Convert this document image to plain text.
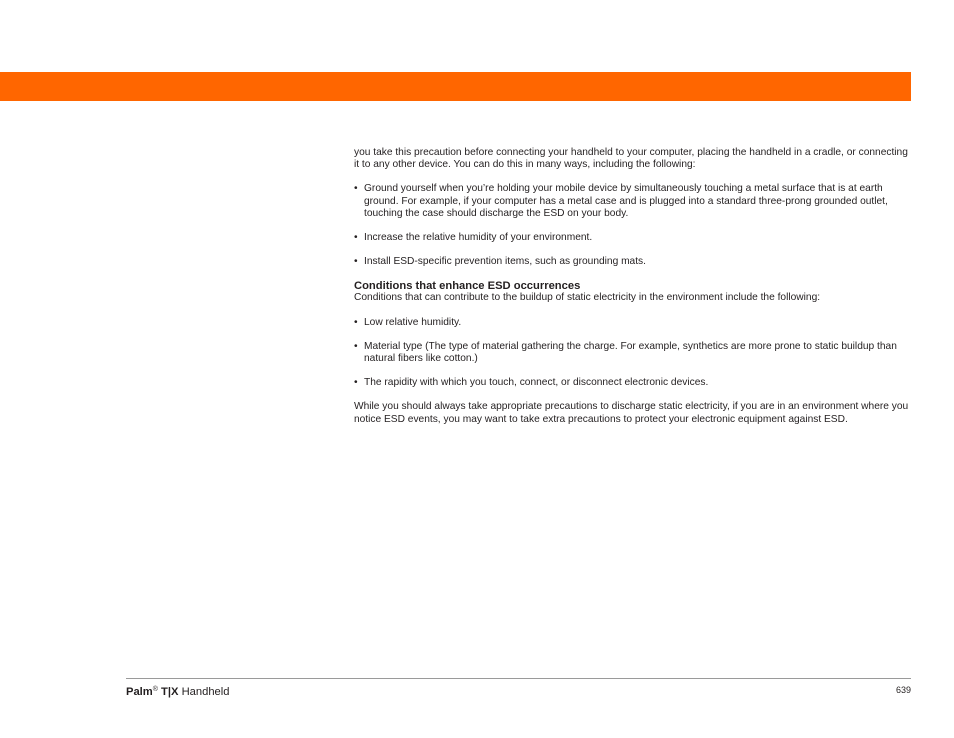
you take this precaution before connecting your handheld to your computer, placing the handheld in a cradle, or connecting it to any other device. You can do this in many ways, including the following:

• Ground yourself when you’re holding your mobile device by simultaneously touching a metal surface that is at earth ground. For example, if your computer has a metal case and is plugged into a standard three-prong grounded outlet, touching the case should discharge the ESD on your body.
• Increase the relative humidity of your environment.
• Install ESD-specific prevention items, such as grounding mats.

Conditions that enhance ESD occurrences

Conditions that can contribute to the buildup of static electricity in the environment include the following:

• Low relative humidity.
• Material type (The type of material gathering the charge. For example, synthetics are more prone to static buildup than natural fibers like cotton.)
• The rapidity with which you touch, connect, or disconnect electronic devices.

While you should always take appropriate precautions to discharge static electricity, if you are in an environment where you notice ESD events, you may want to take extra precautions to protect your electronic equipment against ESD.

Palm® T|X Handheld	639
